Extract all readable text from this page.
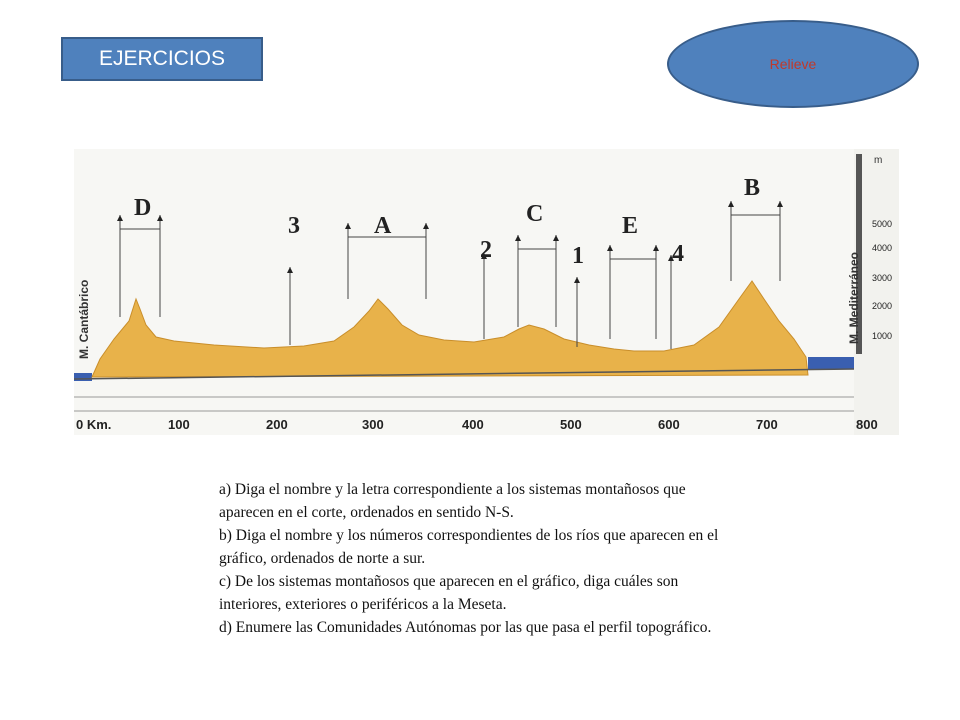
EJERCICIOS	Relieve
m
5000
4000
3000
2000
1000
M. Cantábrico	M. Mediterráneo
D
3	A
2
C
1
E
4
B
0 Km.	100	200	300	400	500	600	700	800

a) Diga el nombre y la letra correspondiente a los sistemas montañosos que aparecen en el corte, ordenados en sentido N-S.

b) Diga el nombre y los números correspondientes de los ríos que aparecen en el gráfico, ordenados de norte a sur.

c) De los sistemas montañosos que aparecen en el gráfico, diga cuáles son interiores, exteriores o periféricos a la Meseta.

d) Enumere las Comunidades Autónomas por las que pasa el perfil topográfico.
